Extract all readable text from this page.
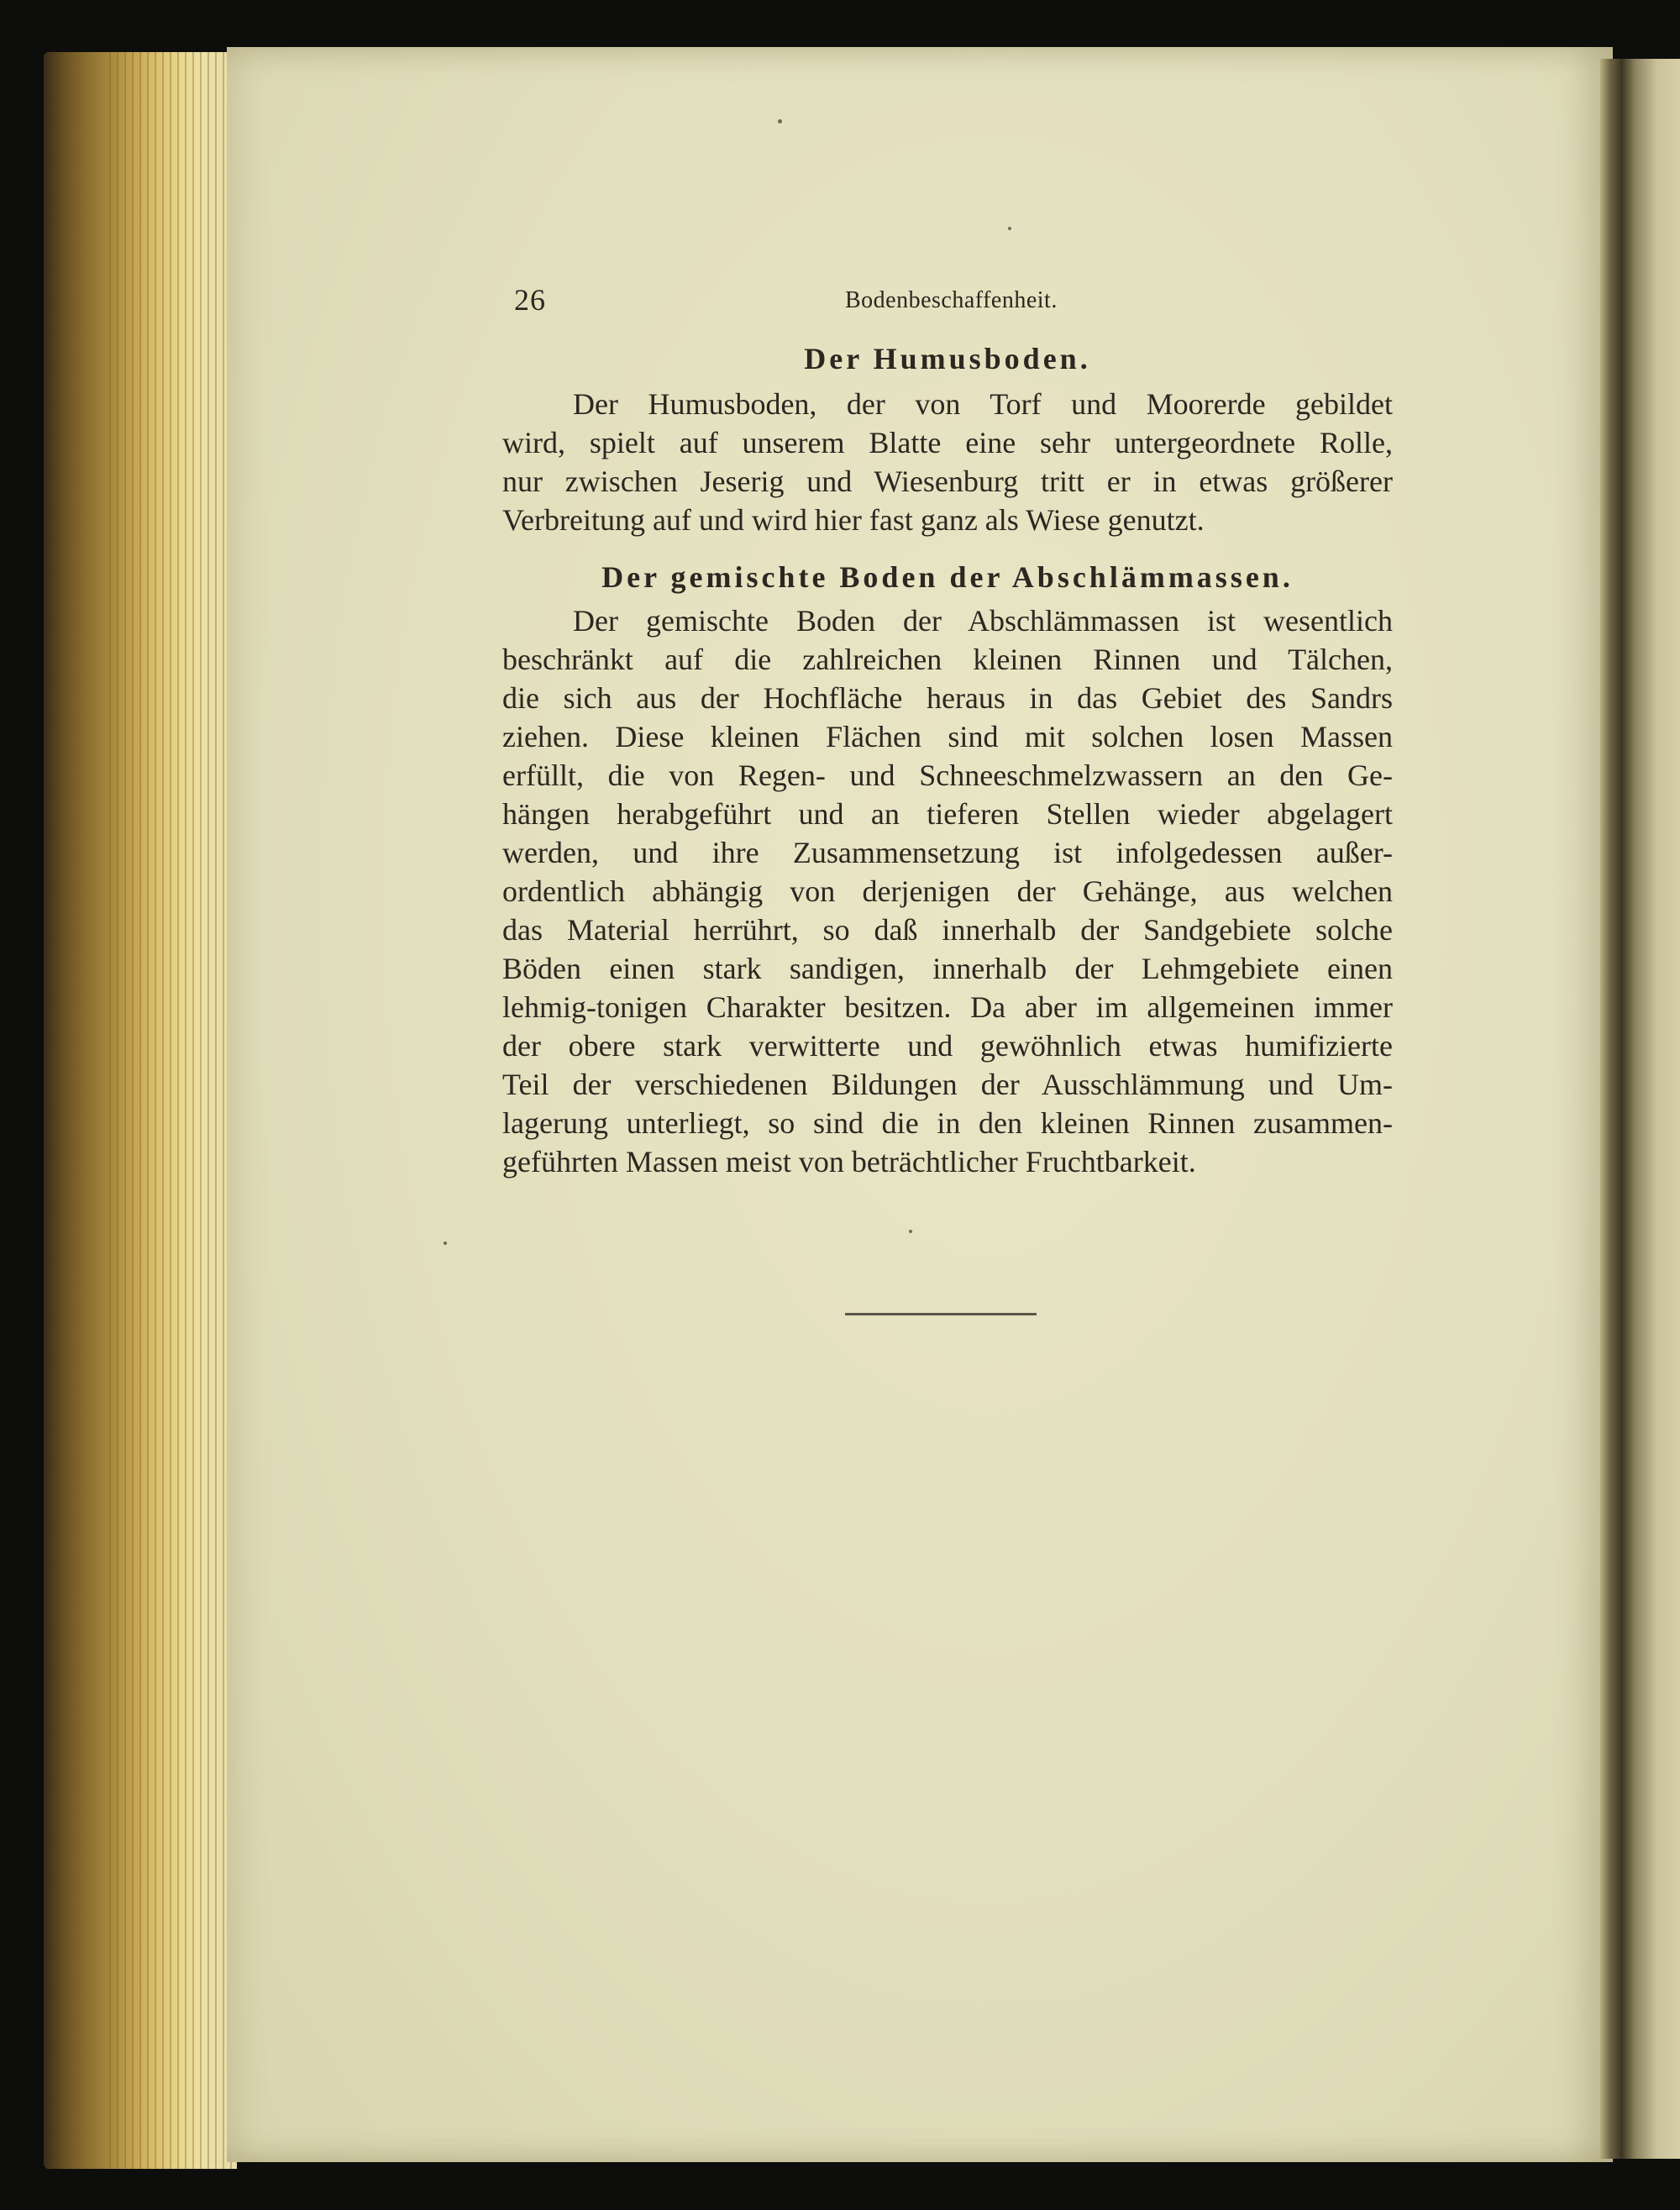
26	Bodenbeschaffenheit.
Der Humusboden.
Der Humusboden, der von Torf und Moorerde gebildet
wird, spielt auf unserem Blatte eine sehr untergeordnete Rolle,
nur zwischen Jeserig und Wiesenburg tritt er in etwas größerer
Verbreitung auf und wird hier fast ganz als Wiese genutzt.
Der gemischte Boden der Abschlämmassen.
Der gemischte Boden der Abschlämmassen ist wesentlich
beschränkt auf die zahlreichen kleinen Rinnen und Tälchen,
die sich aus der Hochfläche heraus in das Gebiet des Sandrs
ziehen. Diese kleinen Flächen sind mit solchen losen Massen
erfüllt, die von Regen- und Schneeschmelzwassern an den Ge-
hängen herabgeführt und an tieferen Stellen wieder abgelagert
werden, und ihre Zusammensetzung ist infolgedessen außer-
ordentlich abhängig von derjenigen der Gehänge, aus welchen
das Material herrührt, so daß innerhalb der Sandgebiete solche
Böden einen stark sandigen, innerhalb der Lehmgebiete einen
lehmig-tonigen Charakter besitzen. Da aber im allgemeinen immer
der obere stark verwitterte und gewöhnlich etwas humifizierte
Teil der verschiedenen Bildungen der Ausschlämmung und Um-
lagerung unterliegt, so sind die in den kleinen Rinnen zusammen-
geführten Massen meist von beträchtlicher Fruchtbarkeit.
